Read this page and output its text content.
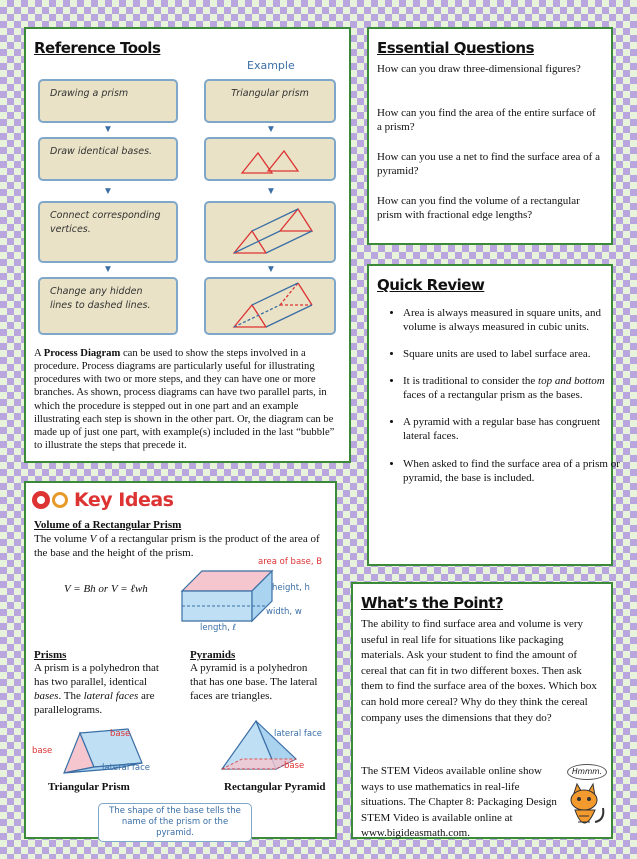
Reference Tools
Example
Drawing a prism
▼
Draw identical bases.
▼
Connect corresponding vertices.
▼
Change any hidden lines to dashed lines.
Triangular prism
▼
▼
▼
A Process Diagram can be used to show the steps involved in a procedure. Process diagrams are particularly useful for illustrating procedures with two or more steps, and they can have one or more branches. As shown, process diagrams can have two parallel parts, in which the procedure is stepped out in one part and an example illustrating each step is shown in the other part. Or, the diagram can be made up of just one part, with example(s) included in the last “bubble” to illustrate the steps that precede it.
Essential Questions
How can you draw three-dimensional figures?
How can you find the area of the entire surface of a prism?
How can you use a net to find the surface area of a pyramid?
How can you find the volume of a rectangular prism with fractional edge lengths?
Quick Review
• Area is always measured in square units, and volume is always measured in cubic units.
• Square units are used to label surface area.
• It is traditional to consider the top and bottom faces of a rectangular prism as the bases.
• A pyramid with a regular base has congruent lateral faces.
• When asked to find the surface area of a prism or pyramid, the base is included.
Key Ideas
Volume of a Rectangular Prism
The volume V of a rectangular prism is the product of the area of the base and the height of the prism.
V = Bh or V = ℓwh
area of base, B
height, h
width, w
length, ℓ
Prisms
A prism is a polyhedron that has two parallel, identical bases. The lateral faces are parallelograms.
Pyramids
A pyramid is a polyhedron that has one base. The lateral faces are triangles.
base
base
lateral face
lateral face
base
Triangular Prism	Rectangular Pyramid
The shape of the base tells the name of the prism or the pyramid.
What’s the Point?
The ability to find surface area and volume is very useful in real life for situations like packaging materials. Ask your student to find the amount of cereal that can fit in two different boxes. Then ask them to find the surface area of the boxes. Which box can hold more cereal? Why do they think the cereal company uses the dimensions that they do?
The STEM Videos available online show ways to use mathematics in real-life situations. The Chapter 8: Packaging Design STEM Video is available online at www.bigideasmath.com.
Hmmm.
